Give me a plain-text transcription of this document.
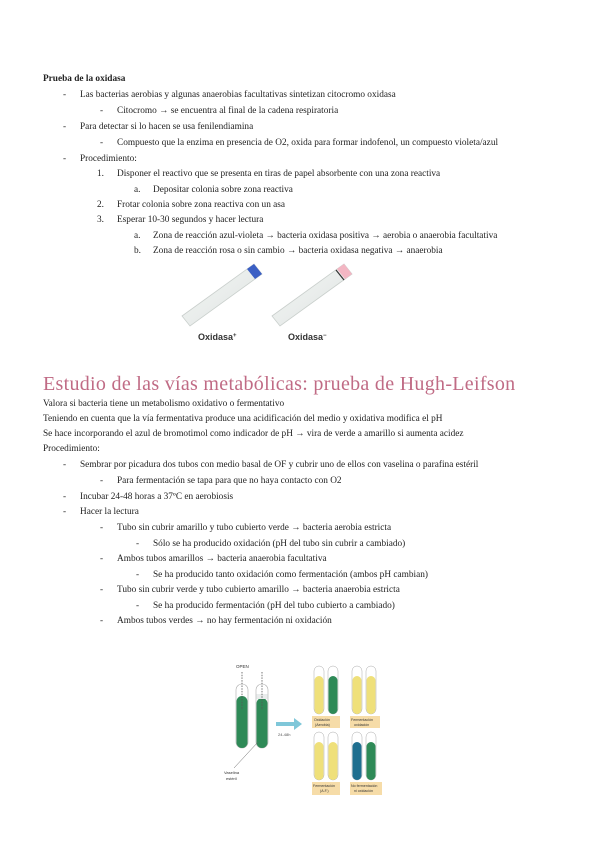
Prueba de la oxidasa
- Las bacterias aerobias y algunas anaerobias facultativas sintetizan citocromo oxidasa
- Citocromo → se encuentra al final de la cadena respiratoria
- Para detectar si lo hacen se usa fenilendiamina
- Compuesto que la enzima en presencia de O2, oxida para formar indofenol, un compuesto violeta/azul
- Procedimiento:
1. Disponer el reactivo que se presenta en tiras de papel absorbente con una zona reactiva
a. Depositar colonia sobre zona reactiva
2. Frotar colonia sobre zona reactiva con un asa
3. Esperar 10-30 segundos y hacer lectura
a. Zona de reacción azul-violeta → bacteria oxidasa positiva → aerobia o anaerobia facultativa
b. Zona de reacción rosa o sin cambio → bacteria oxidasa negativa → anaerobia
Oxidasa+	Oxidasa−
Estudio de las vías metabólicas: prueba de Hugh-Leifson
Valora si bacteria tiene un metabolismo oxidativo o fermentativo
Teniendo en cuenta que la vía fermentativa produce una acidificación del medio y oxidativa modifica el pH
Se hace incorporando el azul de bromotimol como indicador de pH → vira de verde a amarillo si aumenta acidez
Procedimiento:
- Sembrar por picadura dos tubos con medio basal de OF y cubrir uno de ellos con vaselina o parafina estéril
- Para fermentación se tapa para que no haya contacto con O2
- Incubar 24-48 horas a 37ºC en aerobiosis
- Hacer la lectura
- Tubo sin cubrir amarillo y tubo cubierto verde → bacteria aerobia estricta
- Sólo se ha producido oxidación (pH del tubo sin cubrir a cambiado)
- Ambos tubos amarillos → bacteria anaerobia facultativa
- Se ha producido tanto oxidación como fermentación (ambos pH cambian)
- Tubo sin cubrir verde y tubo cubierto amarillo → bacteria anaerobia estricta
- Se ha producido fermentación (pH del tubo cubierto a cambiado)
- Ambos tubos verdes → no hay fermentación ni oxidación
OPEN
Vaselina
estéril
24-48h
Oxidación
(Aerobia)
Fermentación
oxidación
Fermentación
(A.F.)
No fermentación
ni oxidación
